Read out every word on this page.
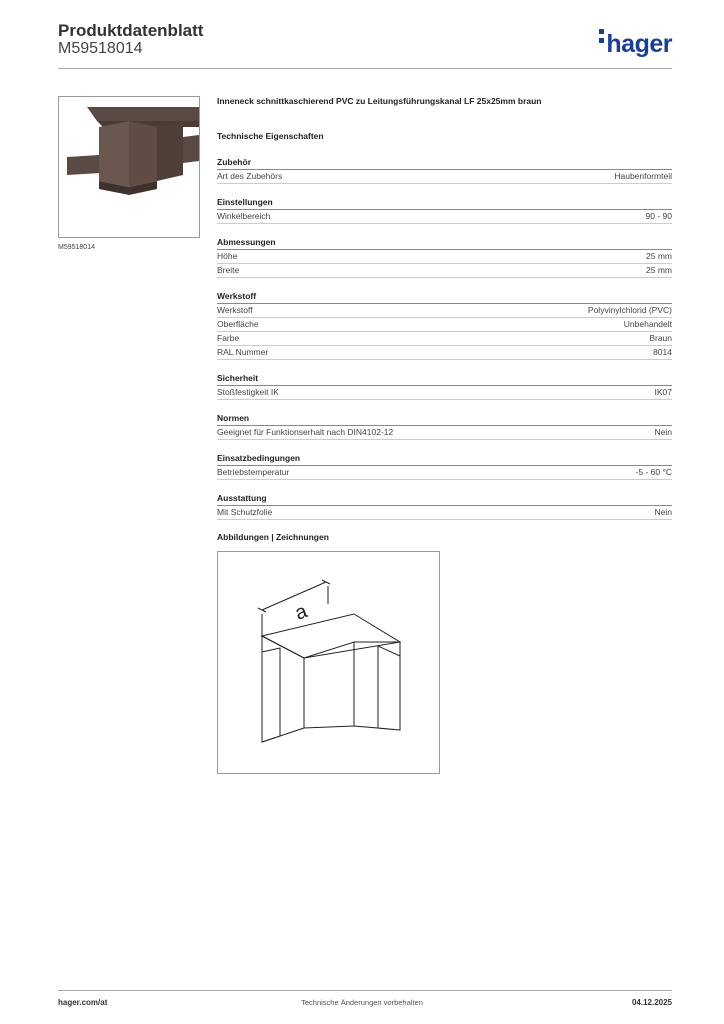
Produktdatenblatt
M59518014	hager
M59518014
Inneneck schnittkaschierend PVC zu Leitungsführungskanal LF 25x25mm braun
Technische Eigenschaften
Zubehör
Art des Zubehörs	Haubenformteil
Einstellungen
Winkelbereich	90 - 90
Abmessungen
Höhe	25 mm
Breite	25 mm
Werkstoff
Werkstoff	Polyvinylchlorid (PVC)
Oberfläche	Unbehandelt
Farbe	Braun
RAL Nummer	8014
Sicherheit
Stoßfestigkeit IK	IK07
Normen
Geeignet für Funktionserhalt nach DIN4102-12	Nein
Einsatzbedingungen
Betriebstemperatur	-5 - 60 °C
Ausstattung
Mit Schutzfolie	Nein
Abbildungen | Zeichnungen
a
hager.com/at	Technische Änderungen vorbehalten	04.12.2025
